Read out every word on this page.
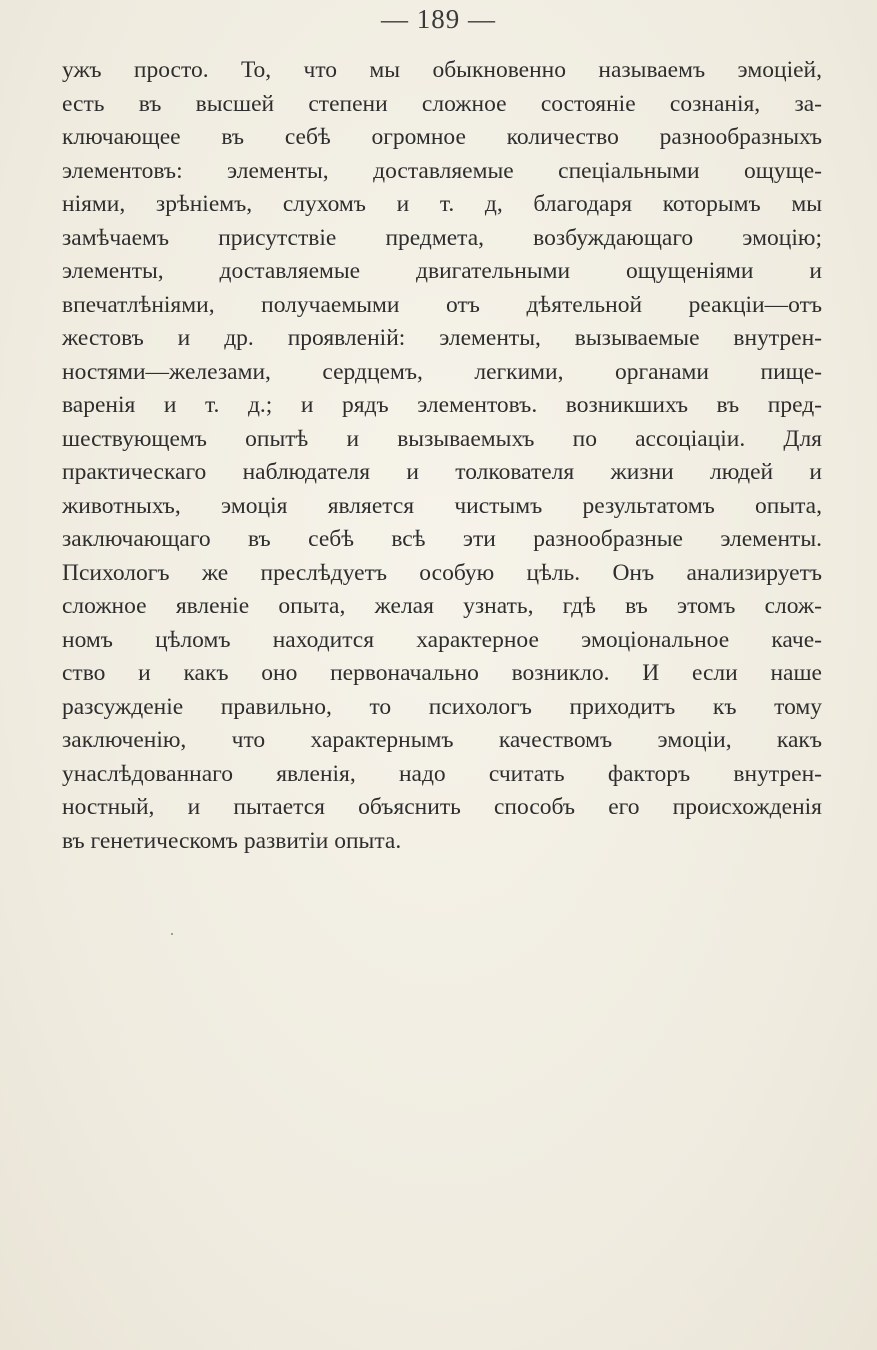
— 189 —
ужъ просто. То, что мы обыкновенно называемъ эмоціей,
есть въ высшей степени сложное состояніе сознанія, за-
ключающее въ себѣ огромное количество разнообразныхъ
элементовъ: элементы, доставляемые спеціальными ощуще-
ніями, зрѣніемъ, слухомъ и т. д, благодаря которымъ мы
замѣчаемъ присутствіе предмета, возбуждающаго эмоцію;
элементы, доставляемые двигательными ощущеніями и
впечатлѣніями, получаемыми отъ дѣятельной реакціи—отъ
жестовъ и др. проявленій: элементы, вызываемые внутрен-
ностями—железами, сердцемъ, легкими, органами пище-
варенія и т. д.; и рядъ элементовъ. возникшихъ въ пред-
шествующемъ опытѣ и вызываемыхъ по ассоціаціи. Для
практическаго наблюдателя и толкователя жизни людей и
животныхъ, эмоція является чистымъ результатомъ опыта,
заключающаго въ себѣ всѣ эти разнообразные элементы.
Психологъ же преслѣдуетъ особую цѣль. Онъ анализируетъ
сложное явленіе опыта, желая узнать, гдѣ въ этомъ слож-
номъ цѣломъ находится характерное эмоціональное каче-
ство и какъ оно первоначально возникло. И если наше
разсужденіе правильно, то психологъ приходитъ къ тому
заключенію, что характернымъ качествомъ эмоціи, какъ
унаслѣдованнаго явленія, надо считать факторъ внутрен-
ностный, и пытается объяснить способъ его происхожденія
въ генетическомъ развитіи опыта.
